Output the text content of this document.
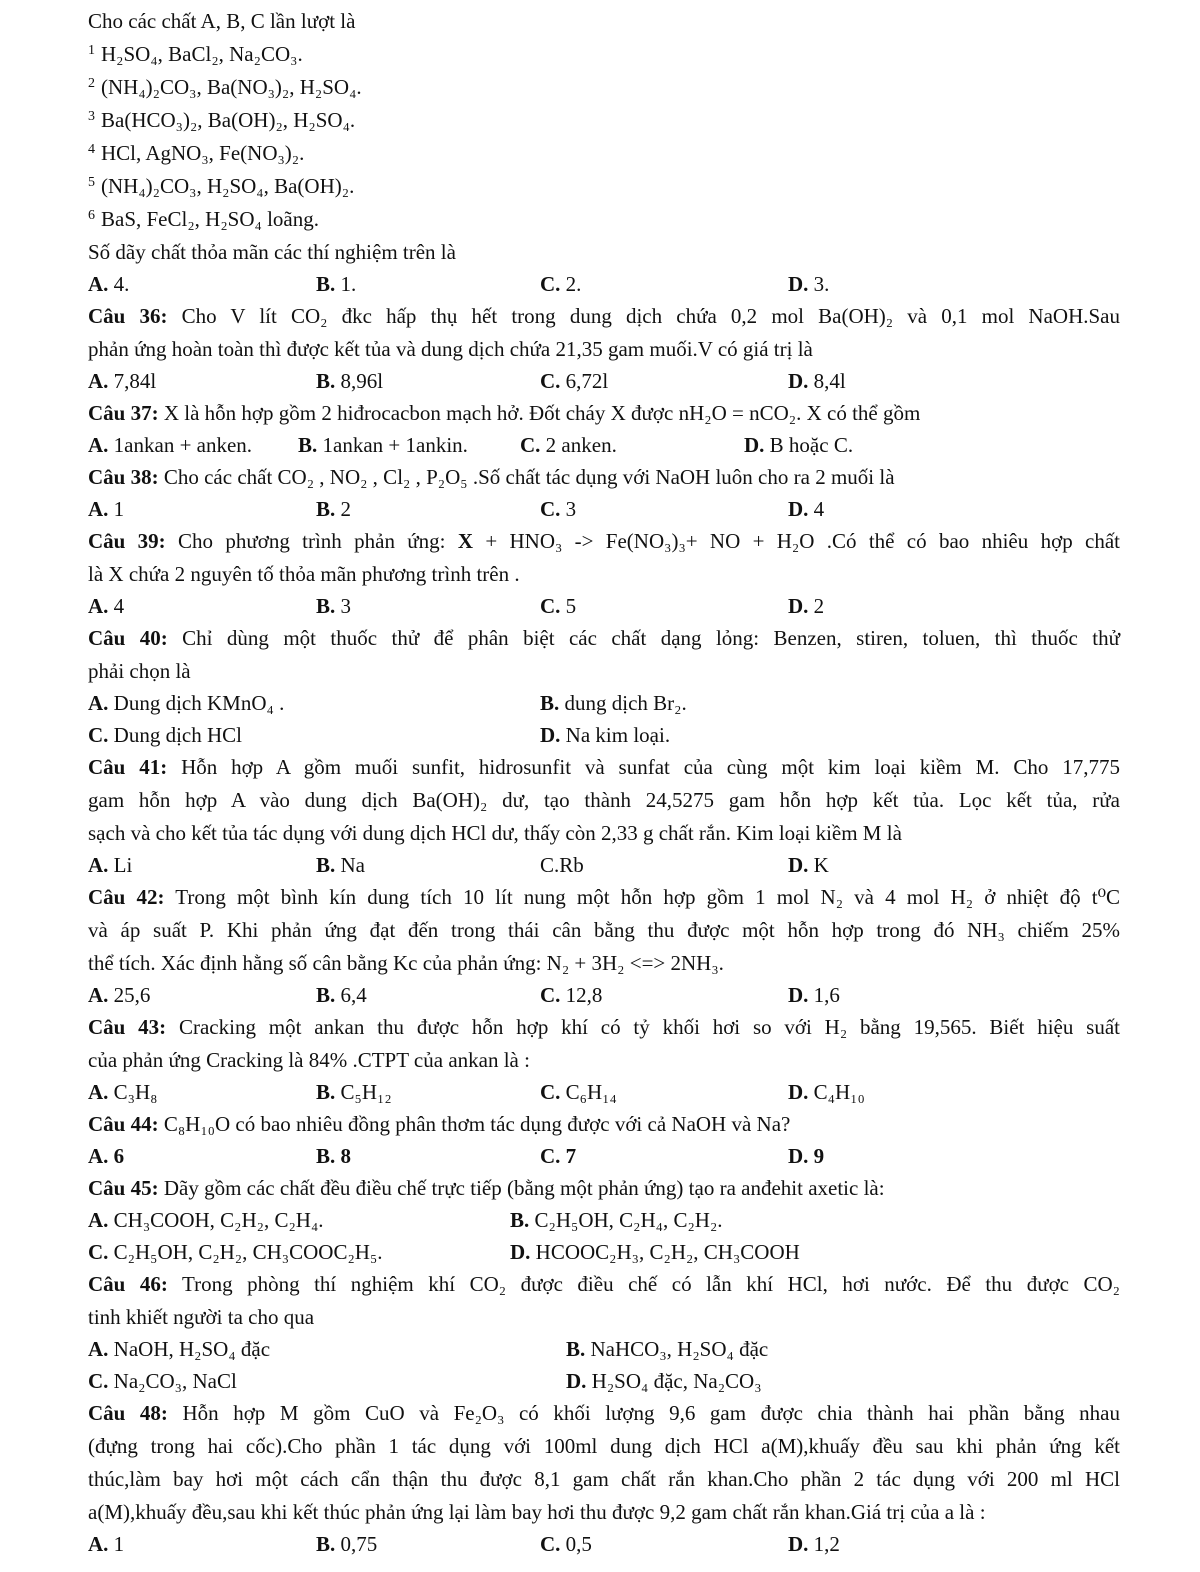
Cho các chất A, B, C lần lượt là
$^1$ H₂SO₄, BaCl₂, Na₂CO₃.
$^2$ (NH₄)₂CO₃, Ba(NO₃)₂, H₂SO₄.
$^3$ Ba(HCO₃)₂, Ba(OH)₂, H₂SO₄.
$^4$ HCl, AgNO₃, Fe(NO₃)₂.
$^5$ (NH₄)₂CO₃, H₂SO₄, Ba(OH)₂.
$^6$ BaS, FeCl₂, H₂SO₄ loãng.
Số dãy chất thỏa mãn các thí nghiệm trên là
A. 4.	B. 1.	C. 2.	D. 3.
Câu 36: Cho V lít CO₂ đkc hấp thụ hết trong dung dịch chứa 0,2 mol Ba(OH)₂ và 0,1 mol NaOH.Sau
phản ứng hoàn toàn thì được kết tủa và dung dịch chứa 21,35 gam muối.V có giá trị là
A. 7,84l	B. 8,96l	C. 6,72l	D. 8,4l
Câu 37: X là hỗn hợp gồm 2 hiđrocacbon mạch hở. Đốt cháy X được nH₂O = nCO₂. X có thể gồm
A. 1ankan + anken. B. 1ankan + 1ankin. C. 2 anken.	D. B hoặc C.
Câu 38: Cho các chất CO₂ , NO₂ , Cl₂ , P₂O₅ .Số chất tác dụng với NaOH luôn cho ra 2 muối là
A. 1	B. 2	C. 3	D. 4
Câu 39: Cho phương trình phản ứng: X + HNO₃ -> Fe(NO₃)₃+ NO + H₂O .Có thể có bao nhiêu hợp chất
là X chứa 2 nguyên tố thỏa mãn phương trình trên .
A. 4	B. 3	C. 5	D. 2
Câu 40: Chỉ dùng một thuốc thử để phân biệt các chất dạng lỏng: Benzen, stiren, toluen, thì thuốc thử
phải chọn là
A. Dung dịch KMnO₄ .	B. dung dịch Br₂.
C. Dung dịch HCl	D. Na kim loại.
Câu 41: Hỗn hợp A gồm muối sunfit, hidrosunfit và sunfat của cùng một kim loại kiềm M. Cho 17,775
gam hỗn hợp A vào dung dịch Ba(OH)₂ dư, tạo thành 24,5275 gam hỗn hợp kết tủa. Lọc kết tủa, rửa
sạch và cho kết tủa tác dụng với dung dịch HCl dư, thấy còn 2,33 g chất rắn. Kim loại kiềm M là
A. Li	B. Na	C.Rb	D. K
Câu 42: Trong một bình kín dung tích 10 lít nung một hỗn hợp gồm 1 mol N₂ và 4 mol H₂ ở nhiệt độ t⁰C
và áp suất P. Khi phản ứng đạt đến trong thái cân bằng thu được một hỗn hợp trong đó NH₃ chiếm 25%
thể tích. Xác định hằng số cân bằng Kc của phản ứng: N₂ + 3H₂ <=> 2NH₃.
A. 25,6	B. 6,4	C. 12,8	D. 1,6
Câu 43: Cracking một ankan thu được hỗn hợp khí có tỷ khối hơi so với H₂ bằng 19,565. Biết hiệu suất
của phản ứng Cracking là 84% .CTPT của ankan là :
A. C₃H₈	B. C₅H₁₂	C. C₆H₁₄	D. C₄H₁₀
Câu 44: C₈H₁₀O có bao nhiêu đồng phân thơm tác dụng được với cả NaOH và Na?
A. 6	B. 8	C. 7	D. 9
Câu 45: Dãy gồm các chất đều điều chế trực tiếp (bằng một phản ứng) tạo ra anđehit axetic là:
A. CH₃COOH, C₂H₂, C₂H₄.	B. C₂H₅OH, C₂H₄, C₂H₂.
C. C₂H₅OH, C₂H₂, CH₃COOC₂H₅.	D. HCOOC₂H₃, C₂H₂, CH₃COOH
Câu 46: Trong phòng thí nghiệm khí CO₂ được điều chế có lẫn khí HCl, hơi nước. Để thu được CO₂
tinh khiết người ta cho qua
A. NaOH, H₂SO₄ đặc	B. NaHCO₃, H₂SO₄ đặc
C. Na₂CO₃, NaCl	D. H₂SO₄ đặc, Na₂CO₃
Câu 48: Hỗn hợp M gồm CuO và Fe₂O₃ có khối lượng 9,6 gam được chia thành hai phần bằng nhau
(đựng trong hai cốc).Cho phần 1 tác dụng với 100ml dung dịch HCl a(M),khuấy đều sau khi phản ứng kết
thúc,làm bay hơi một cách cẩn thận thu được 8,1 gam chất rắn khan.Cho phần 2 tác dụng với 200 ml HCl
a(M),khuấy đều,sau khi kết thúc phản ứng lại làm bay hơi thu được 9,2 gam chất rắn khan.Giá trị của a là :
A. 1	B. 0,75	C. 0,5	D. 1,2
